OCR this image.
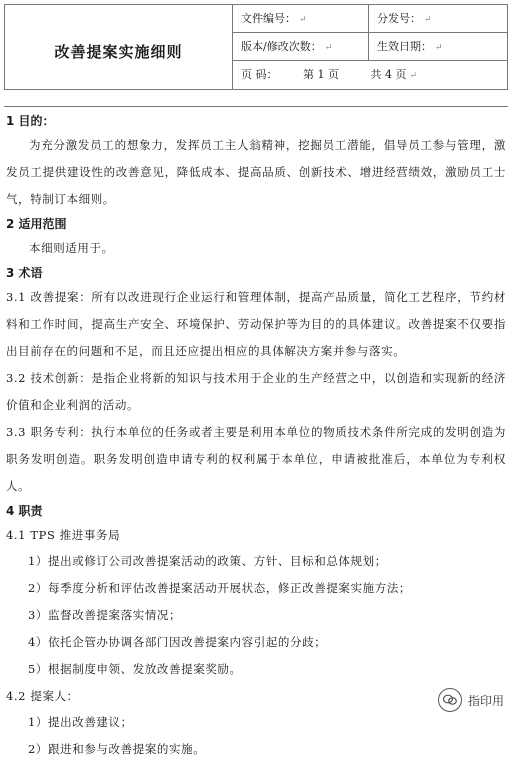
改善提案实施细则
文件编号： ↵	分发号： ↵
版本/修改次数： ↵	生效日期： ↵
页 码： 第 1 页	共 4 页 ↵
1 目的：
为充分激发员工的想象力，发挥员工主人翁精神，挖掘员工潜能，倡导员工参与管理，激发员工提供建设性的改善意见，降低成本、提高品质、创新技术、增进经营绩效，激励员工士气，特制订本细则。
2 适用范围
本细则适用于。
3 术语
3.1 改善提案：所有以改进现行企业运行和管理体制，提高产品质量，简化工艺程序，节约材料和工作时间，提高生产安全、环境保护、劳动保护等为目的的具体建议。改善提案不仅要指出目前存在的问题和不足，而且还应提出相应的具体解决方案并参与落实。
3.2 技术创新：是指企业将新的知识与技术用于企业的生产经营之中，以创造和实现新的经济价值和企业利润的活动。
3.3 职务专利：执行本单位的任务或者主要是利用本单位的物质技术条件所完成的发明创造为职务发明创造。职务发明创造申请专利的权利属于本单位，申请被批准后，本单位为专利权人。
4 职责
4.1 TPS 推进事务局
1）提出或修订公司改善提案活动的政策、方针、目标和总体规划；
2）每季度分析和评估改善提案活动开展状态，修正改善提案实施方法；
3）监督改善提案落实情况；
4）依托企管办协调各部门因改善提案内容引起的分歧；
5）根据制度申领、发放改善提案奖励。
4.2 提案人：
1）提出改善建议；
2）跟进和参与改善提案的实施。
指印用
